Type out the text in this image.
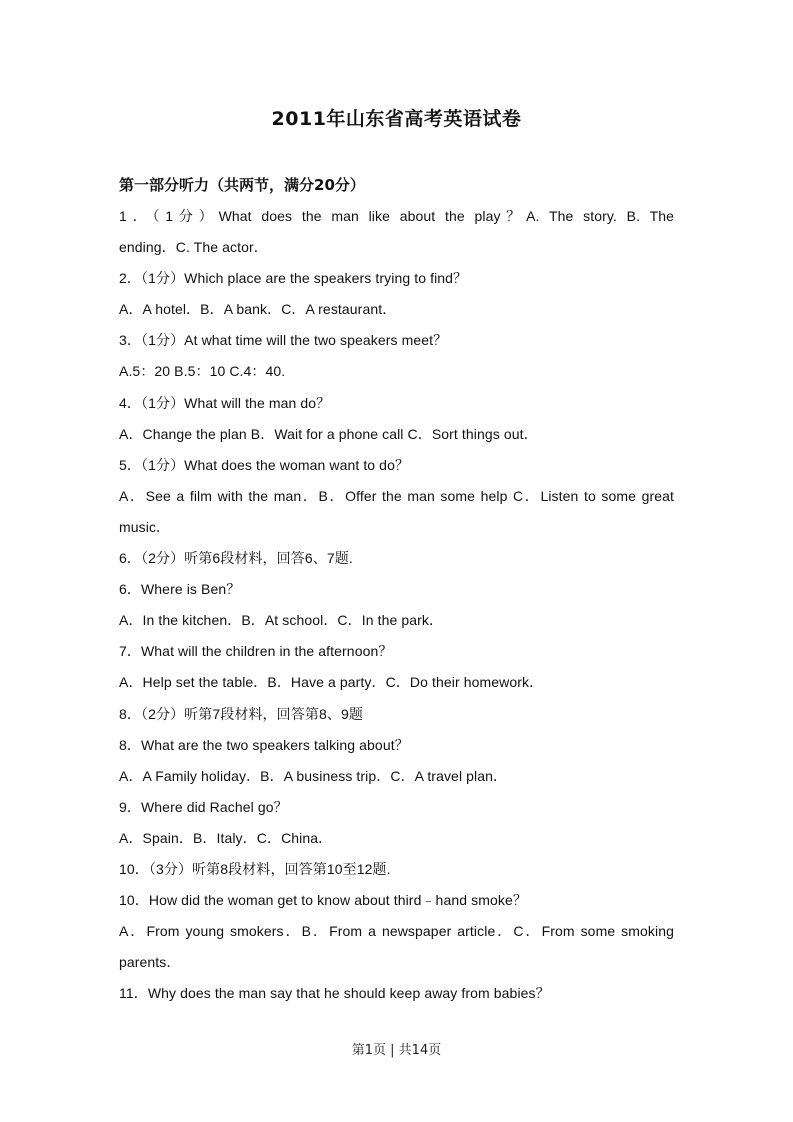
2011年山东省高考英语试卷
第一部分听力（共两节，满分20分）
1．（1分）What does the man like about the play？A. The story. B. The
ending．C. The actor．
2．（1分）Which place are the speakers trying to find？
A．A hotel．B．A bank．C．A restaurant．
3．（1分）At what time will the two speakers meet？
A.5：20 B.5：10 C.4：40.
4．（1分）What will the man do？
A．Change the plan B．Wait for a phone call C．Sort things out．
5．（1分）What does the woman want to do？
A．See a film with the man．B．Offer the man some help C．Listen to some great
music．
6．（2分）听第6段材料，回答6、7题.
6．Where is Ben？
A．In the kitchen．B．At school．C．In the park．
7．What will the children in the afternoon？
A．Help set the table．B．Have a party．C．Do their homework．
8．（2分）听第7段材料，回答第8、9题
8．What are the two speakers talking about？
A．A Family holiday．B．A business trip．C．A travel plan．
9．Where did Rachel go？
A．Spain．B．Italy．C．China．
10．（3分）听第8段材料，回答第10至12题.
10．How did the woman get to know about third﹣hand smoke？
A．From young smokers．B．From a newspaper article．C．From some smoking
parents．
11．Why does the man say that he should keep away from babies？
第1页 | 共14页
